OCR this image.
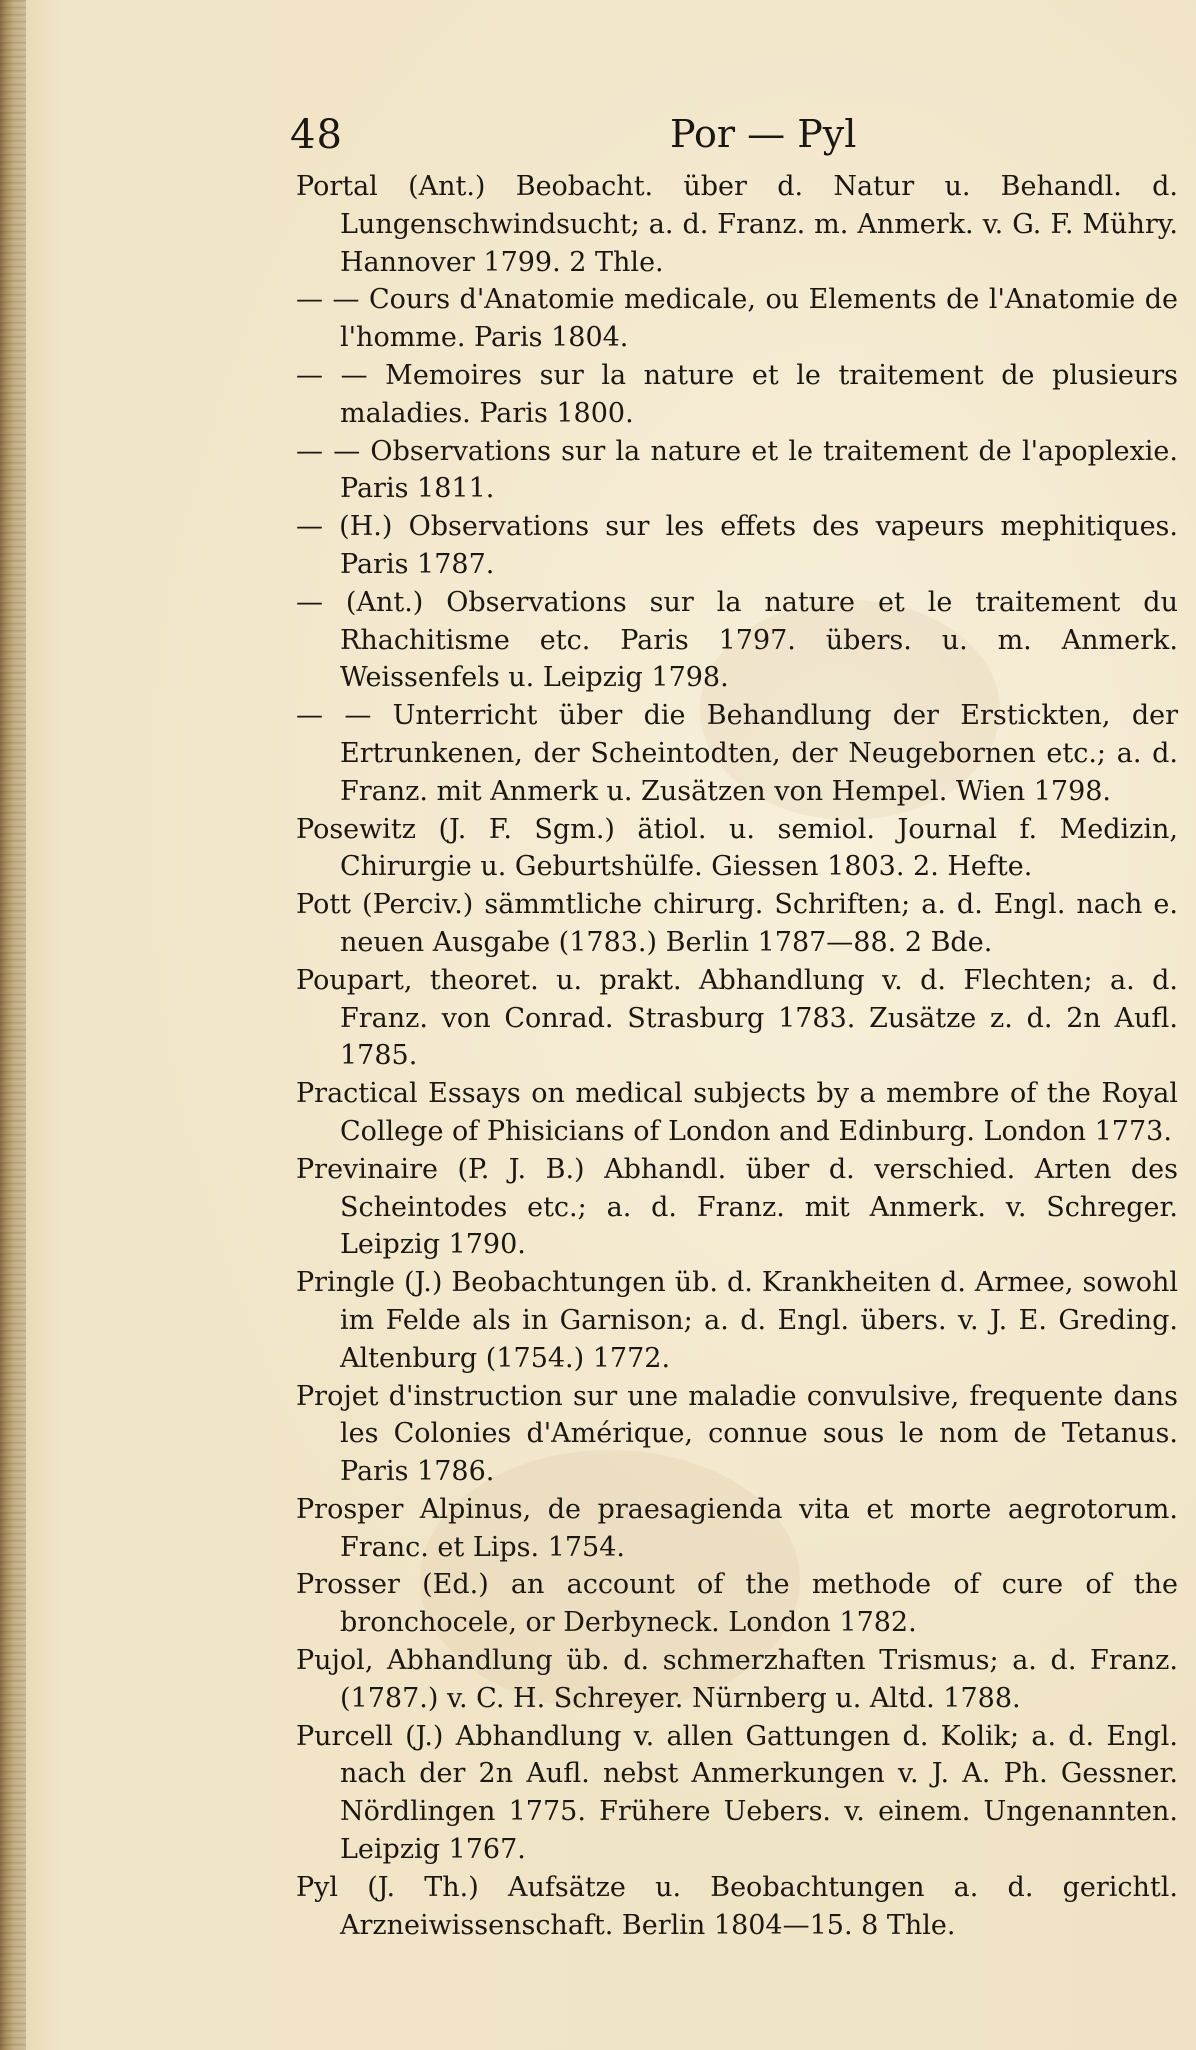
48	Por — Pyl

Portal (Ant.) Beobacht. über d. Natur u. Behandl. d. Lungenschwindsucht; a. d. Franz. m. Anmerk. v. G. F. Mühry. Hannover 1799. 2 Thle.

— — Cours d'Anatomie medicale, ou Elements de l'Anatomie de l'homme. Paris 1804.

— — Memoires sur la nature et le traitement de plusieurs maladies. Paris 1800.

— — Observations sur la nature et le traitement de l'apoplexie. Paris 1811.

— (H.) Observations sur les effets des vapeurs mephitiques. Paris 1787.

— (Ant.) Observations sur la nature et le traitement du Rhachitisme etc. Paris 1797. übers. u. m. Anmerk. Weissenfels u. Leipzig 1798.

— — Unterricht über die Behandlung der Erstickten, der Ertrunkenen, der Scheintodten, der Neugebornen etc.; a. d. Franz. mit Anmerk u. Zusätzen von Hempel. Wien 1798.

Posewitz (J. F. Sgm.) ätiol. u. semiol. Journal f. Medizin, Chirurgie u. Geburtshülfe. Giessen 1803. 2. Hefte.

Pott (Perciv.) sämmtliche chirurg. Schriften; a. d. Engl. nach e. neuen Ausgabe (1783.) Berlin 1787—88. 2 Bde.

Poupart, theoret. u. prakt. Abhandlung v. d. Flechten; a. d. Franz. von Conrad. Strasburg 1783. Zusätze z. d. 2n Aufl. 1785.

Practical Essays on medical subjects by a membre of the Royal College of Phisicians of London and Edinburg. London 1773.

Previnaire (P. J. B.) Abhandl. über d. verschied. Arten des Scheintodes etc.; a. d. Franz. mit Anmerk. v. Schreger. Leipzig 1790.

Pringle (J.) Beobachtungen üb. d. Krankheiten d. Armee, sowohl im Felde als in Garnison; a. d. Engl. übers. v. J. E. Greding. Altenburg (1754.) 1772.

Projet d'instruction sur une maladie convulsive, frequente dans les Colonies d'Amérique, connue sous le nom de Tetanus. Paris 1786.

Prosper Alpinus, de praesagienda vita et morte aegrotorum. Franc. et Lips. 1754.

Prosser (Ed.) an account of the methode of cure of the bronchocele, or Derbyneck. London 1782.

Pujol, Abhandlung üb. d. schmerzhaften Trismus; a. d. Franz. (1787.) v. C. H. Schreyer. Nürnberg u. Altd. 1788.

Purcell (J.) Abhandlung v. allen Gattungen d. Kolik; a. d. Engl. nach der 2n Aufl. nebst Anmerkungen v. J. A. Ph. Gessner. Nördlingen 1775. Frühere Uebers. v. einem. Ungenannten. Leipzig 1767.

Pyl (J. Th.) Aufsätze u. Beobachtungen a. d. gerichtl. Arzneiwissenschaft. Berlin 1804—15. 8 Thle.
